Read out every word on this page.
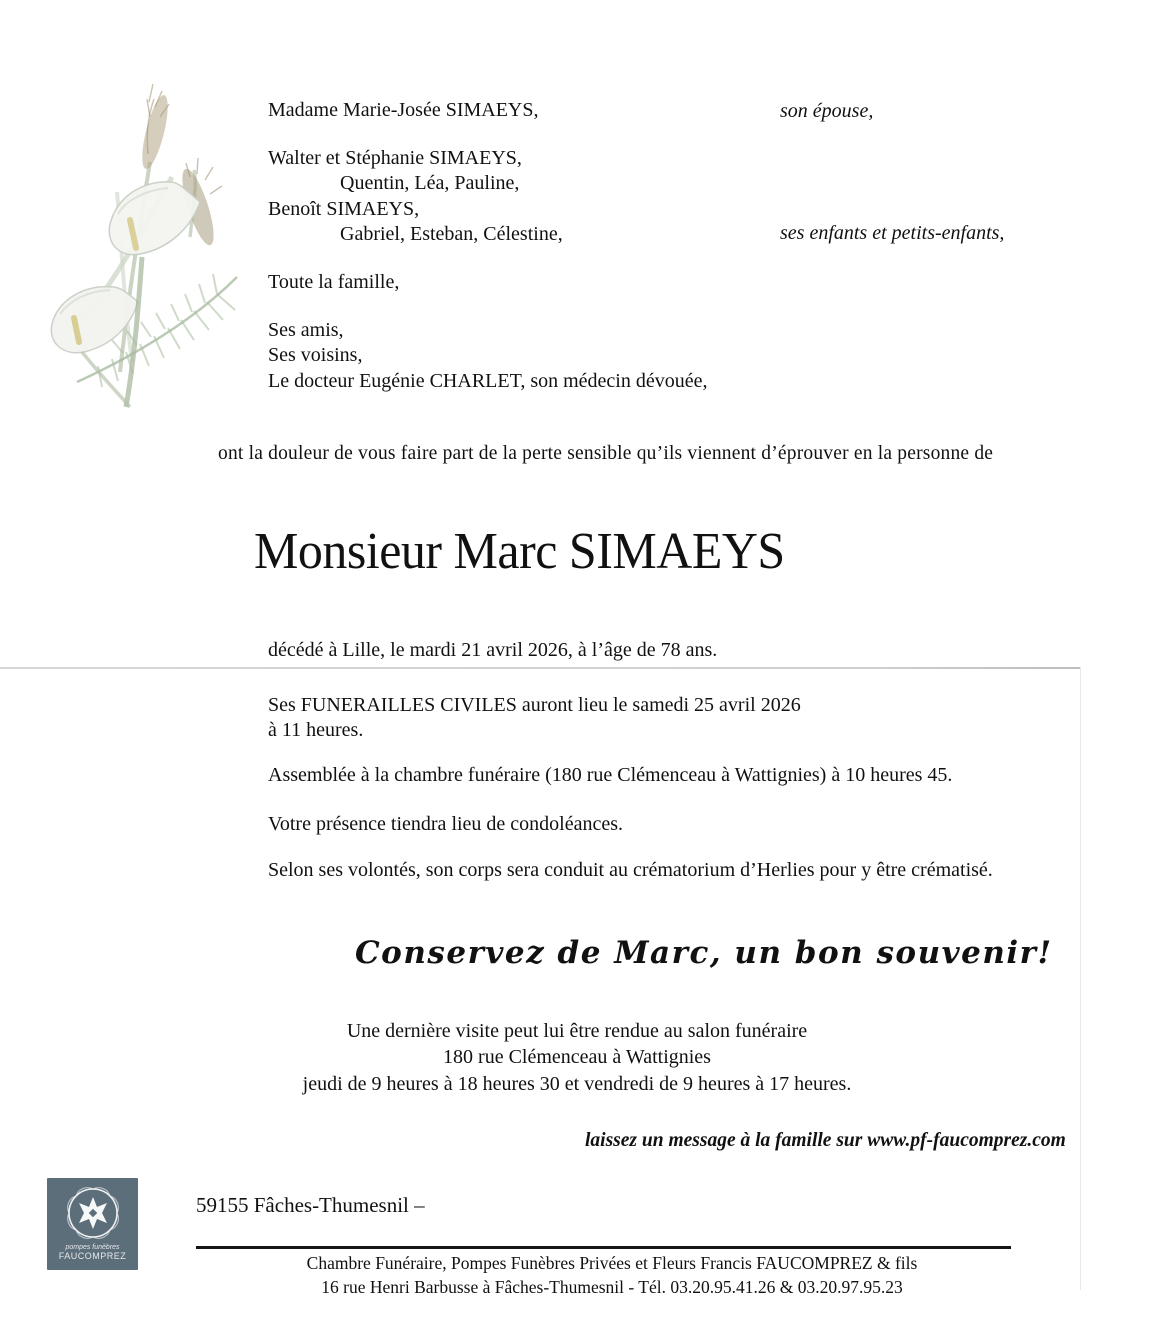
Madame Marie-Josée SIMAEYS,
Walter et Stéphanie SIMAEYS,
Quentin, Léa, Pauline,
Benoît SIMAEYS,
Gabriel, Esteban, Célestine,
Toute la famille,
Ses amis,
Ses voisins,
Le docteur Eugénie CHARLET, son médecin dévouée,
son épouse,
ses enfants et petits-enfants,
ont la douleur de vous faire part de la perte sensible qu’ils viennent d’éprouver en la personne de
Monsieur Marc SIMAEYS
décédé à Lille, le mardi 21 avril 2026, à l’âge de 78 ans.
Ses FUNERAILLES CIVILES auront lieu le samedi 25 avril 2026
à 11 heures.
Assemblée à la chambre funéraire (180 rue Clémenceau à Wattignies) à 10 heures 45.
Votre présence tiendra lieu de condoléances.
Selon ses volontés, son corps sera conduit au crématorium d’Herlies pour y être crématisé.
Conservez de Marc, un bon souvenir!
Une dernière visite peut lui être rendue au salon funéraire
180 rue Clémenceau à Wattignies
jeudi de 9 heures à 18 heures 30 et vendredi de 9 heures à 17 heures.
laissez un message à la famille sur www.pf-faucomprez.com
pompes funèbres
FAUCOMPREZ
59155 Fâches-Thumesnil –
Chambre Funéraire, Pompes Funèbres Privées et Fleurs Francis FAUCOMPREZ & fils
16 rue Henri Barbusse à Fâches-Thumesnil - Tél. 03.20.95.41.26 & 03.20.97.95.23
